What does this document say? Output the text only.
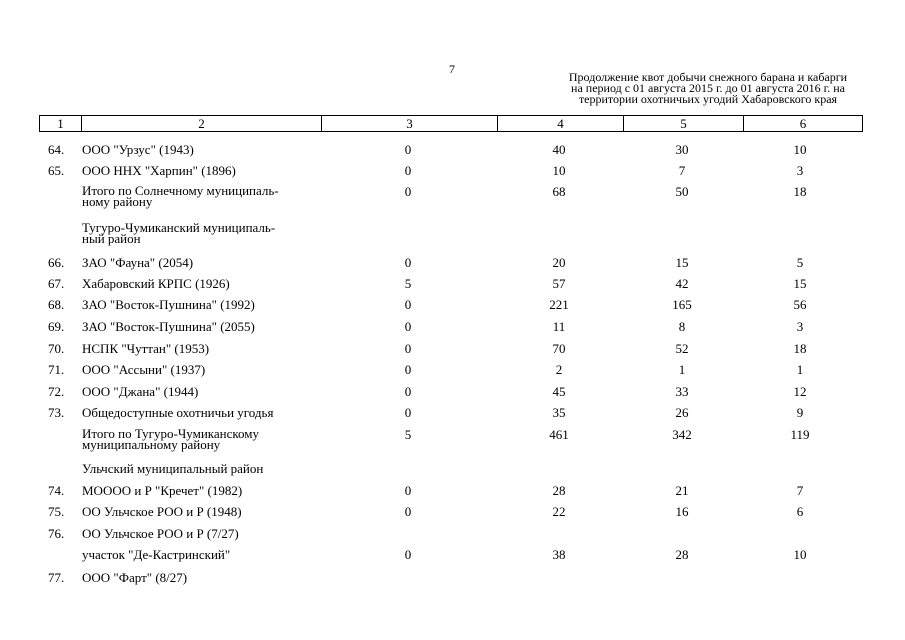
7
Продолжение квот добычи снежного барана и кабарги
на период с 01 августа 2015 г. до 01 августа 2016 г. на
территории охотничьих угодий Хабаровского края
1	2	3	4	5	6
64. ООО "Урзус" (1943)	0	40	30	10
65. ООО ННХ "Харпин" (1896)	0	10	7	3
Итого по Солнечному муниципаль-
ному району
0	68	50	18
Тугуро-Чумиканский муниципаль-
ный район
66. ЗАО "Фауна" (2054)	0	20	15	5
67. Хабаровский КРПС (1926)	5	57	42	15
68. ЗАО "Восток-Пушнина" (1992)	0	221	165	56
69. ЗАО "Восток-Пушнина" (2055)	0	11	8	3
70. НСПК "Чуттан" (1953)	0	70	52	18
71. ООО "Ассыни" (1937)	0	2	1	1
72. ООО "Джана" (1944)	0	45	33	12
73. Общедоступные охотничьи угодья	0	35	26	9
Итого по Тугуро-Чумиканскому
муниципальному району
5	461	342	119
Ульчский муниципальный район
74. МОООО и Р "Кречет" (1982)	0	28	21	7
75. ОО Ульчское РОО и Р (1948)	0	22	16	6
76. ОО Ульчское РОО и Р (7/27)
участок "Де-Кастринский"	0	38	28	10
77. ООО "Фарт" (8/27)
